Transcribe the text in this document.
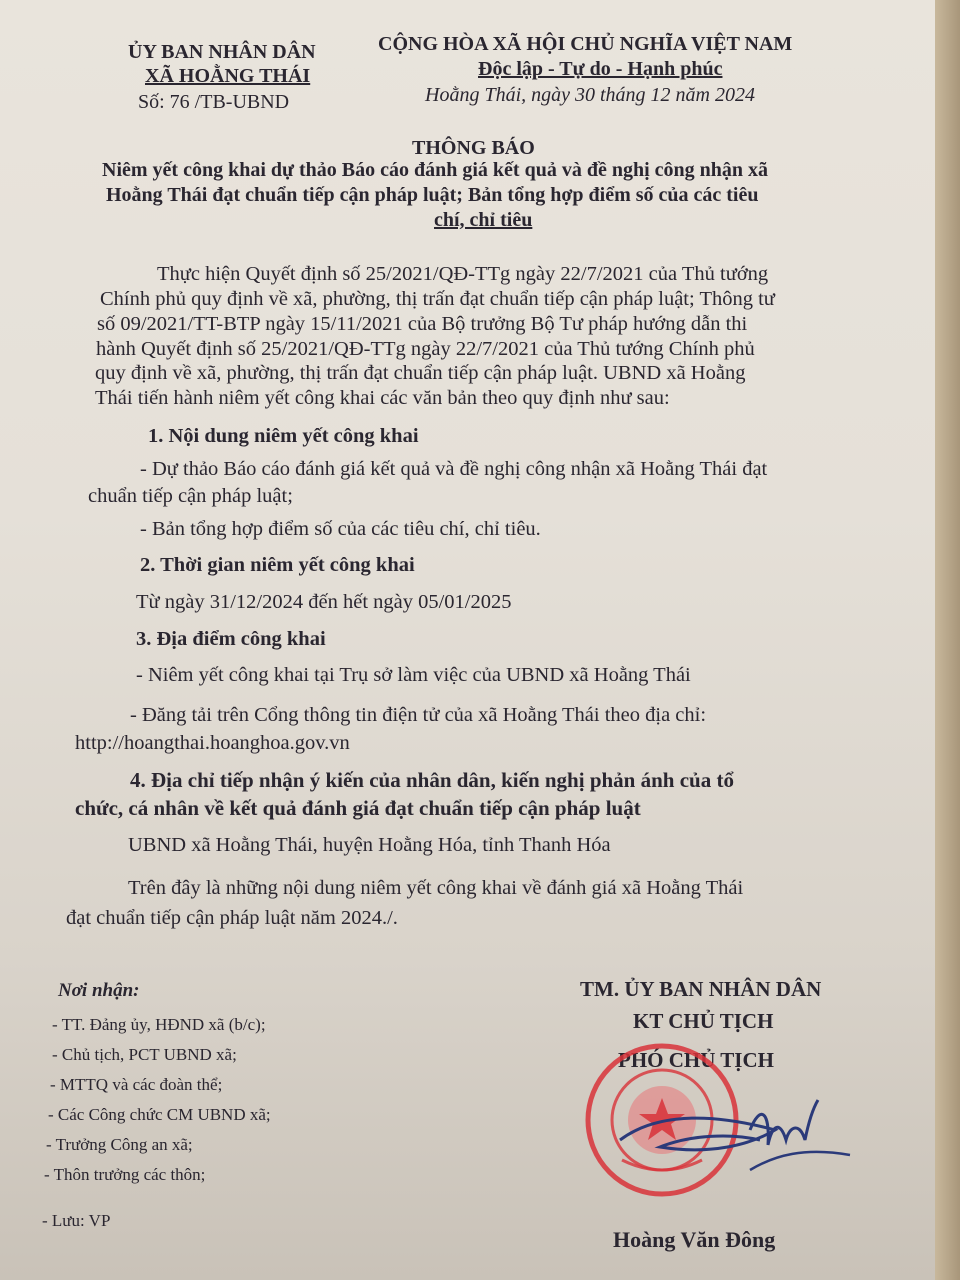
ỦY BAN NHÂN DÂN
XÃ HOẰNG THÁI
Số: 76 /TB-UBND
CỘNG HÒA XÃ HỘI CHỦ NGHĨA VIỆT NAM
Độc lập - Tự do - Hạnh phúc
Hoằng Thái, ngày 30 tháng 12 năm 2024
THÔNG BÁO
Niêm yết công khai dự thảo Báo cáo đánh giá kết quả và đề nghị công nhận xã
Hoằng Thái đạt chuẩn tiếp cận pháp luật; Bản tổng hợp điểm số của các tiêu
chí, chỉ tiêu
Thực hiện Quyết định số 25/2021/QĐ-TTg ngày 22/7/2021 của Thủ tướng
Chính phủ quy định về xã, phường, thị trấn đạt chuẩn tiếp cận pháp luật; Thông tư
số 09/2021/TT-BTP ngày 15/11/2021 của Bộ trưởng Bộ Tư pháp hướng dẫn thi
hành Quyết định số 25/2021/QĐ-TTg ngày 22/7/2021 của Thủ tướng Chính phủ
quy định về xã, phường, thị trấn đạt chuẩn tiếp cận pháp luật. UBND xã Hoằng
Thái tiến hành niêm yết công khai các văn bản theo quy định như sau:
1. Nội dung niêm yết công khai
- Dự thảo Báo cáo đánh giá kết quả và đề nghị công nhận xã Hoằng Thái đạt
chuẩn tiếp cận pháp luật;
- Bản tổng hợp điểm số của các tiêu chí, chỉ tiêu.
2. Thời gian niêm yết công khai
Từ ngày 31/12/2024 đến hết ngày 05/01/2025
3. Địa điểm công khai
- Niêm yết công khai tại Trụ sở làm việc của UBND xã Hoằng Thái
- Đăng tải trên Cổng thông tin điện tử của xã Hoằng Thái theo địa chỉ:
http://hoangthai.hoanghoa.gov.vn
4. Địa chỉ tiếp nhận ý kiến của nhân dân, kiến nghị phản ánh của tổ
chức, cá nhân về kết quả đánh giá đạt chuẩn tiếp cận pháp luật
UBND xã Hoằng Thái, huyện Hoằng Hóa, tỉnh Thanh Hóa
Trên đây là những nội dung niêm yết công khai về đánh giá xã Hoằng Thái
đạt chuẩn tiếp cận pháp luật năm 2024./.
Nơi nhận:
- TT. Đảng ủy, HĐND xã (b/c);
- Chủ tịch, PCT UBND xã;
- MTTQ và các đoàn thể;
- Các Công chức CM UBND xã;
- Trưởng Công an xã;
- Thôn trưởng các thôn;
- Lưu: VP
TM. ỦY BAN NHÂN DÂN
KT CHỦ TỊCH
PHÓ CHỦ TỊCH
Hoàng Văn Đông
